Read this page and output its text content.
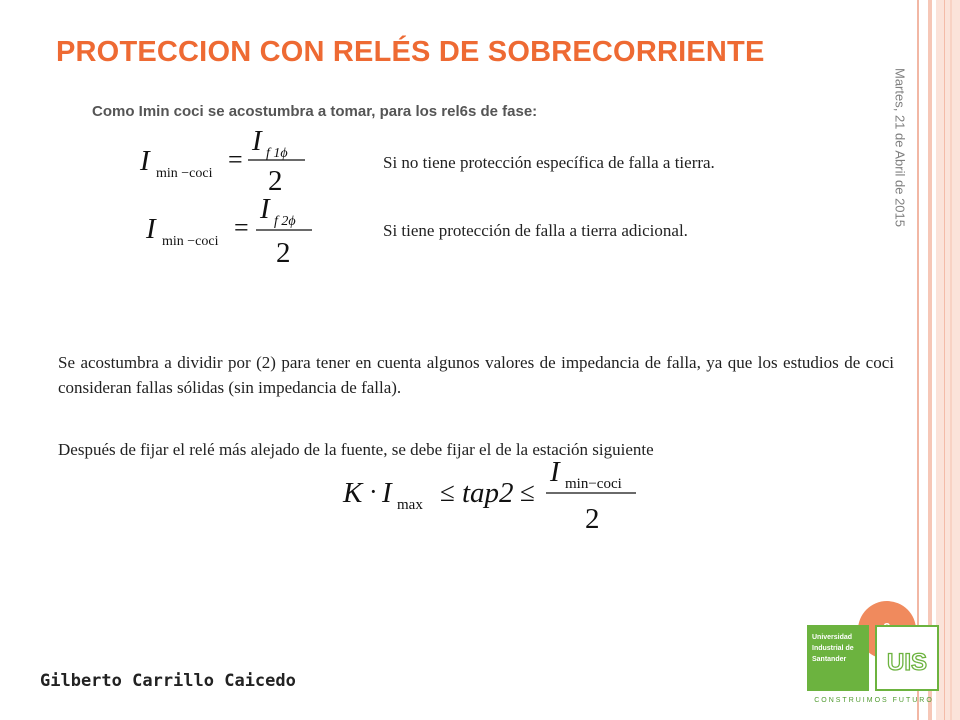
PROTECCION CON RELÉS DE SOBRECORRIENTE
Martes, 21 de Abril de 2015
Como Imin coci se acostumbra a tomar, para los rel6s de fase:
I min −coci =
I f 1ϕ
2
Si no tiene protección específica de falla a tierra.
I min −coci =
I f 2ϕ
2
Si tiene protección de falla a tierra adicional.

Se acostumbra a dividir por (2) para tener en cuenta algunos valores de impedancia de falla, ya que los estudios de coci consideran fallas sólidas (sin impedancia de falla).

Después de fijar el relé más alejado de la fuente, se debe fijar el de la estación siguiente

K · I max ≤ tap2 ≤
I min−coci
2
Gilberto Carrillo Caicedo
Universidad
Industrial de
Santander UIS
CONSTRUIMOS FUTURO
